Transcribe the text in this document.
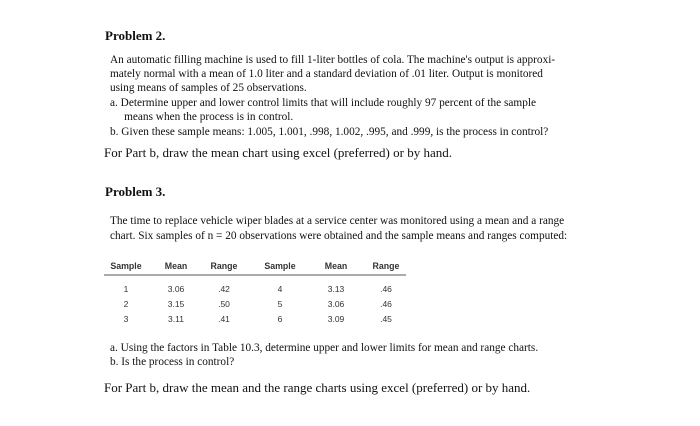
Problem 2.
An automatic filling machine is used to fill 1-liter bottles of cola. The machine's output is approxi-
mately normal with a mean of 1.0 liter and a standard deviation of .01 liter. Output is monitored
using means of samples of 25 observations.
a. Determine upper and lower control limits that will include roughly 97 percent of the sample
means when the process is in control.
b. Given these sample means: 1.005, 1.001, .998, 1.002, .995, and .999, is the process in control?
For Part b, draw the mean chart using excel (preferred) or by hand.
Problem 3.
The time to replace vehicle wiper blades at a service center was monitored using a mean and a range
chart. Six samples of n = 20 observations were obtained and the sample means and ranges computed:
a. Using the factors in Table 10.3, determine upper and lower limits for mean and range charts.
b. Is the process in control?
For Part b, draw the mean and the range charts using excel (preferred) or by hand.
Sample	Mean	Range	Sample	Mean	Range
1	3.06	.42	4	3.13	.46
2	3.15	.50	5	3.06	.46
3	3.11	.41	6	3.09	.45
